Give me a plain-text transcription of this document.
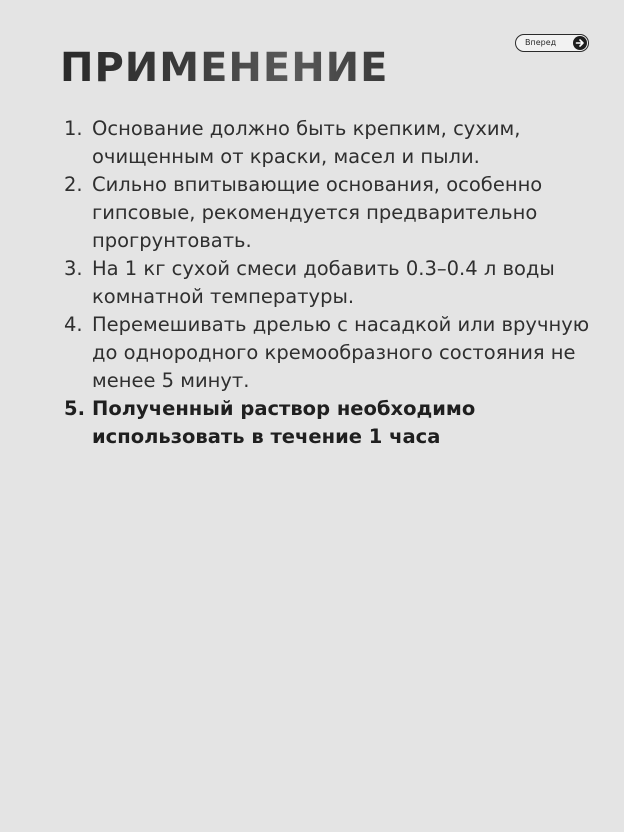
ПРИМЕНЕНИЕ
Вперед
1. Основание должно быть крепким, сухим, очищенным от краски, масел и пыли.
2. Сильно впитывающие основания, особенно гипсовые, рекомендуется предварительно прогрунтовать.
3. На 1 кг сухой смеси добавить 0.3–0.4 л воды комнатной температуры.
4. Перемешивать дрелью с насадкой или вручную до однородного кремообразного состояния не менее 5 минут.
5. Полученный раствор необходимо использовать в течение 1 часа
